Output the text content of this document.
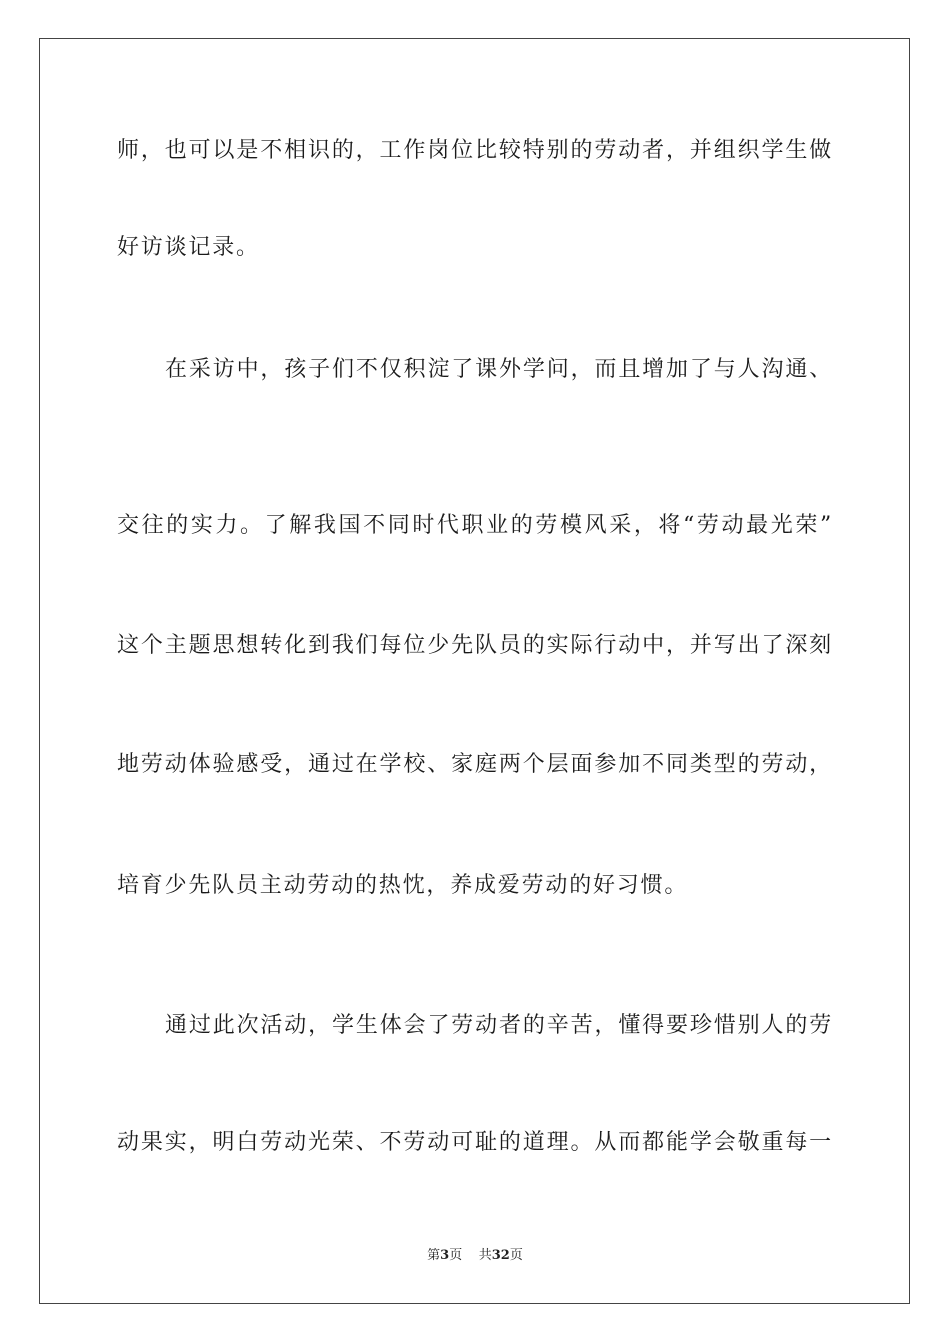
师，也可以是不相识的，工作岗位比较特别的劳动者，并组织学生做
好访谈记录。
在采访中，孩子们不仅积淀了课外学问，而且增加了与人沟通、
交往的实力。了解我国不同时代职业的劳模风采，将“劳动最光荣”
这个主题思想转化到我们每位少先队员的实际行动中，并写出了深刻
地劳动体验感受，通过在学校、家庭两个层面参加不同类型的劳动，
培育少先队员主动劳动的热忱，养成爱劳动的好习惯。
通过此次活动，学生体会了劳动者的辛苦，懂得要珍惜别人的劳
动果实，明白劳动光荣、不劳动可耻的道理。从而都能学会敬重每一
第3页 共32页
